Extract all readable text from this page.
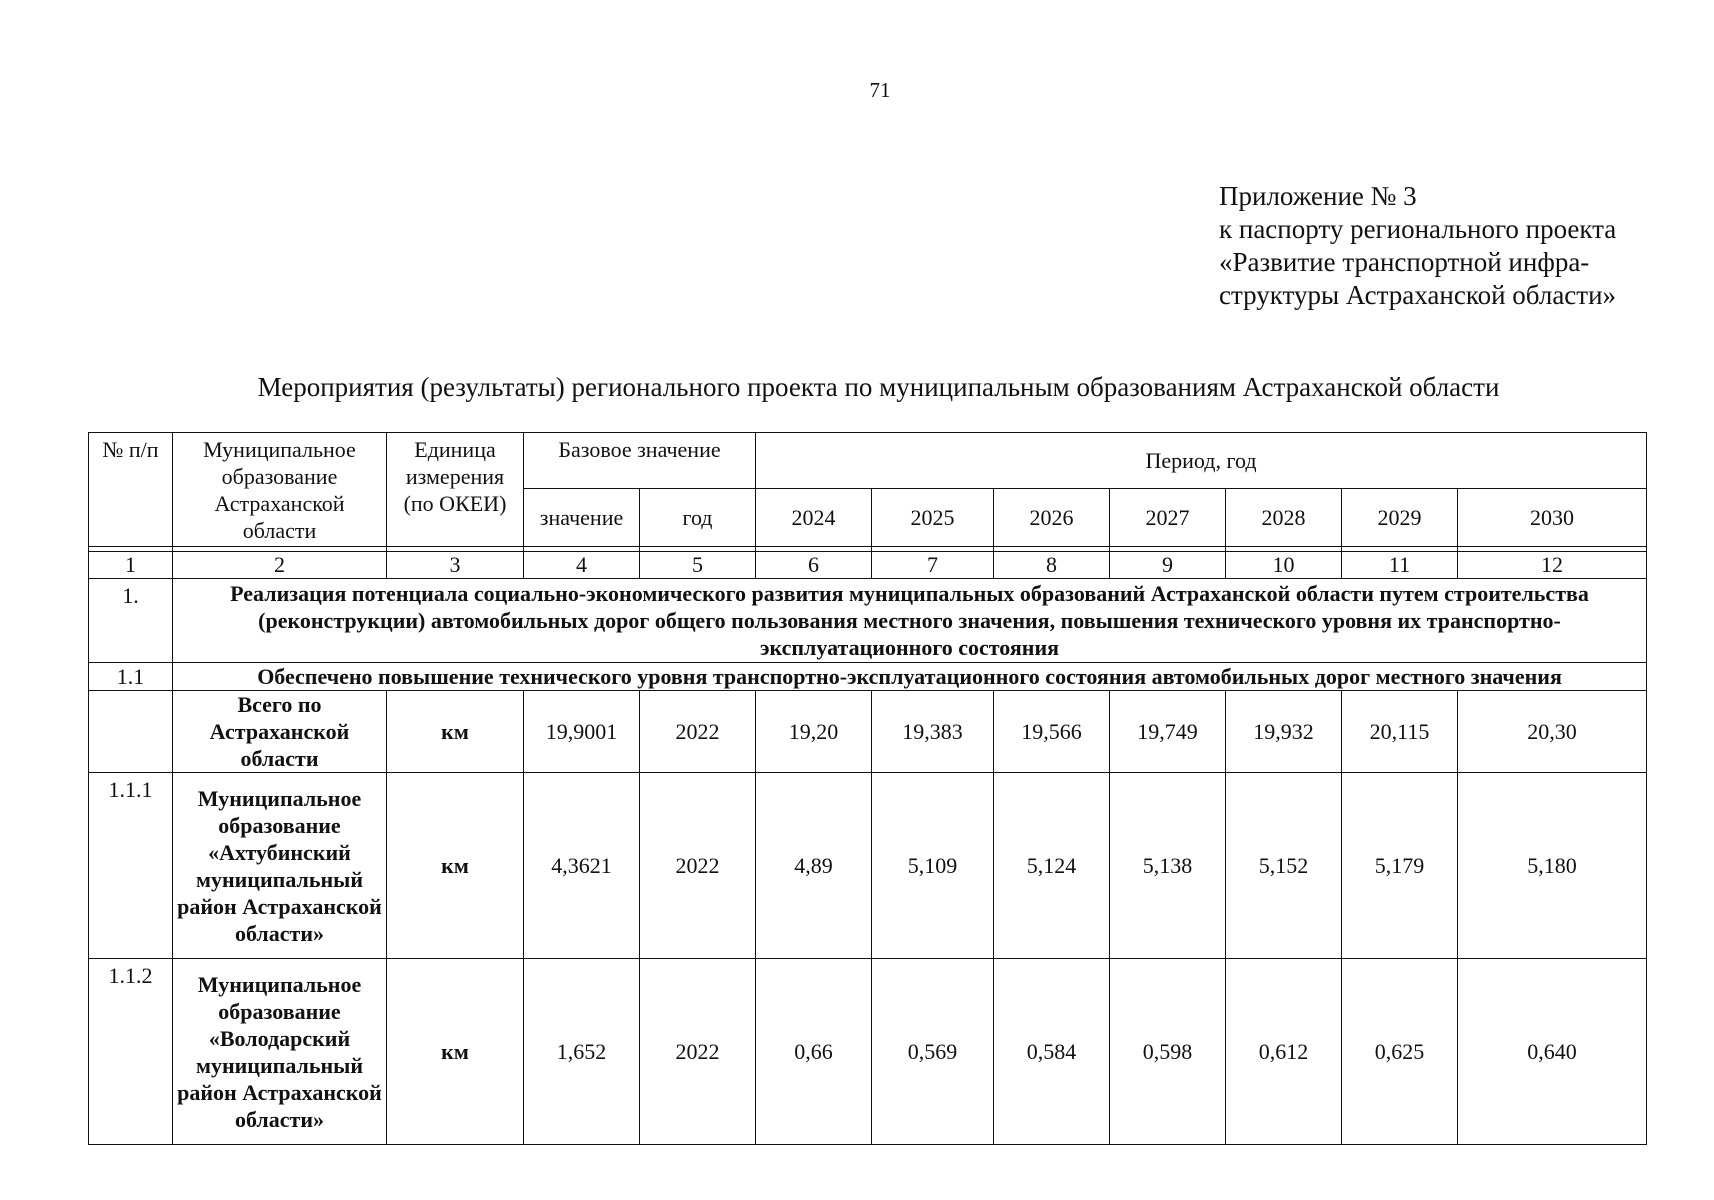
71
Приложение № 3
к паспорту регионального проекта
«Развитие транспортной инфра-
структуры Астраханской области»
Мероприятия (результаты) регионального проекта по муниципальным образованиям Астраханской области
№ п/п	Муниципальное образование Астраханской области	Единица измерения (по ОКЕИ)	Базовое значение		Период, год						
			значение	год	2024	2025	2026	2027	2028	2029	2030

1	2	3	4	5	6	7	8	9	10	11	12
1.	Реализация потенциала социально-экономического развития муниципальных образований Астраханской области путем строительства (реконструкции) автомобильных дорог общего пользования местного значения, повышения технического уровня их транспортно-эксплуатационного состояния										
1.1	Обеспечено повышение технического уровня транспортно-эксплуатационного состояния автомобильных дорог местного значения										
	Всего по Астраханской области	км	19,9001	2022	19,20	19,383	19,566	19,749	19,932	20,115	20,30
1.1.1	Муниципальное образование «Ахтубинский муниципальный район Астраханской области»	км	4,3621	2022	4,89	5,109	5,124	5,138	5,152	5,179	5,180
1.1.2	Муниципальное образование «Володарский муниципальный район Астраханской области»	км	1,652	2022	0,66	0,569	0,584	0,598	0,612	0,625	0,640
